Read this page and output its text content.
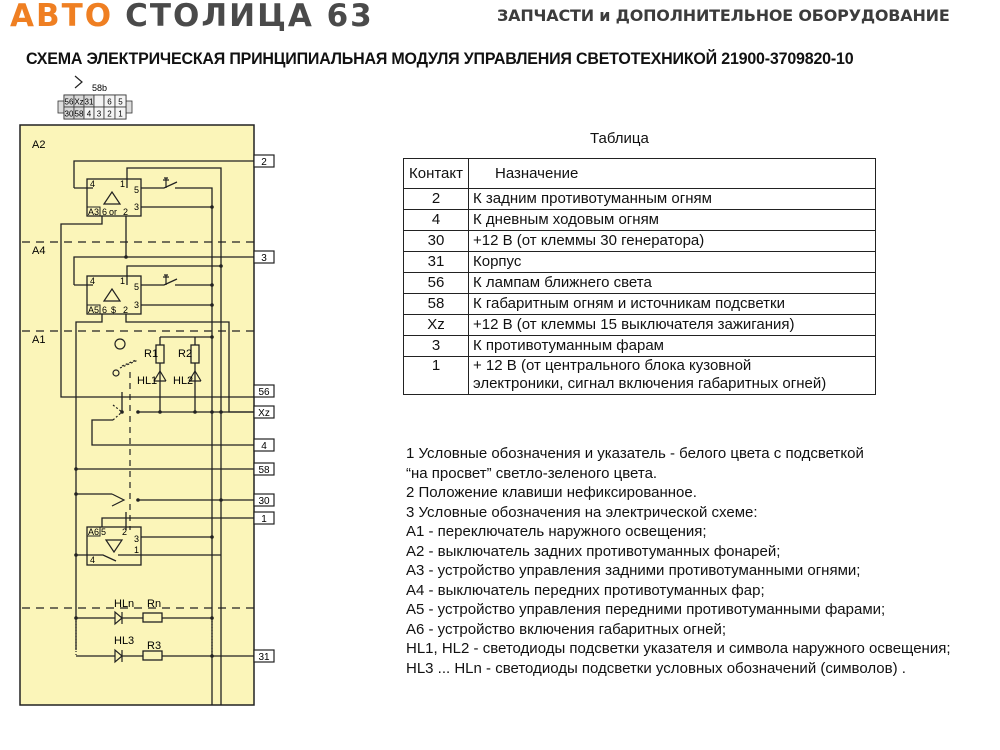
АВТО СТОЛИЦА 63	ЗАПЧАСТИ и ДОПОЛНИТЕЛЬНОЕ ОБОРУДОВАНИЕ
СХЕМА ЭЛЕКТРИЧЕСКАЯ ПРИНЦИПИАЛЬНАЯ МОДУЛЯ УПРАВЛЕНИЯ СВЕТОТЕХНИКОЙ 21900-3709820-10
58b
56 Xz 31 6 5
30 58 4 3 2 1
A2
A4
A1
A3
4	1
5
3
6 or 2
A5
4	1
5
3
6 $ 2
A6 5 2
3
1
4
R1 R2
HL1 HL2
HLn Rn
HL3 R3
2
3
56
Xz
4
58
30
1
31
Таблица
Контакт	Назначение
2	К задним противотуманным огням
4	К дневным ходовым огням
30	+12 В (от клеммы 30 генератора)
31	Корпус
56	К лампам ближнего света
58	К габаритным огням и источникам подсветки
Xz	+12 В (от клеммы 15 выключателя зажигания)
3	К противотуманным фарам
1	+ 12 В (от центрального блока кузовной
электроники, сигнал включения габаритных огней)
1 Условные обозначения и указатель - белого цвета с подсветкой
“на просвет” светло-зеленого цвета.
2 Положение клавиши нефиксированное.
3 Условные обозначения на электрической схеме:
А1 - переключатель наружного освещения;
А2 - выключатель задних противотуманных фонарей;
А3 - устройство управления задними противотуманными огнями;
А4 - выключатель передних противотуманных фар;
А5 - устройство управления передними противотуманными фарами;
А6 - устройство включения габаритных огней;
HL1, HL2 - светодиоды подсветки указателя и символа наружного освещения;
HL3 ... HLn - светодиоды подсветки условных обозначений (символов) .
